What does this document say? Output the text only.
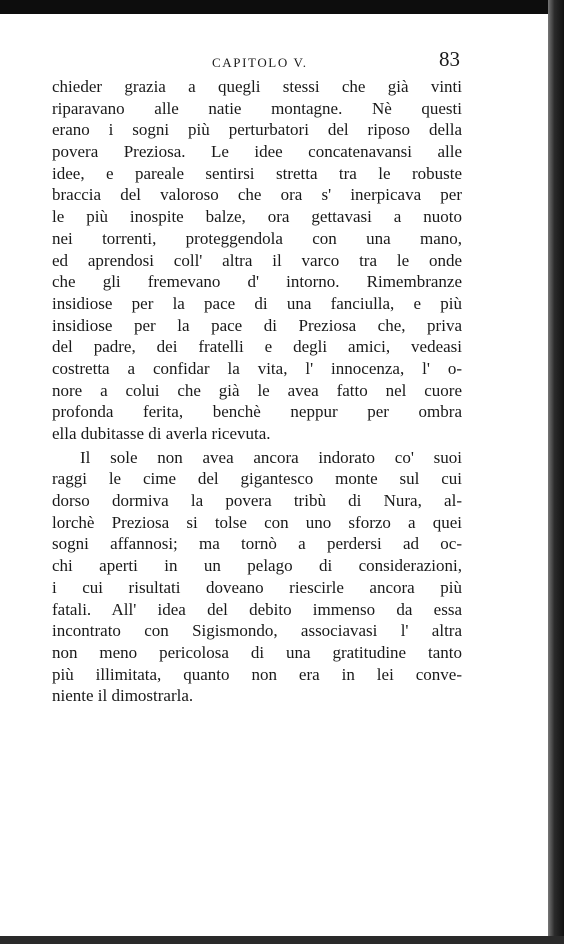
CAPITOLO V.	83
chieder grazia a quegli stessi che già vinti
riparavano alle natie montagne. Nè questi
erano i sogni più perturbatori del riposo della
povera Preziosa. Le idee concatenavansi alle
idee, e pareale sentirsi stretta tra le robuste
braccia del valoroso che ora s' inerpicava per
le più inospite balze, ora gettavasi a nuoto
nei torrenti, proteggendola con una mano,
ed aprendosi coll' altra il varco tra le onde
che gli fremevano d' intorno. Rimembranze
insidiose per la pace di una fanciulla, e più
insidiose per la pace di Preziosa che, priva
del padre, dei fratelli e degli amici, vedeasi
costretta a confidar la vita, l' innocenza, l' o-
nore a colui che già le avea fatto nel cuore
profonda ferita, benchè neppur per ombra
ella dubitasse di averla ricevuta.
Il sole non avea ancora indorato co' suoi
raggi le cime del gigantesco monte sul cui
dorso dormiva la povera tribù di Nura, al-
lorchè Preziosa si tolse con uno sforzo a quei
sogni affannosi; ma tornò a perdersi ad oc-
chi aperti in un pelago di considerazioni,
i cui risultati doveano riescirle ancora più
fatali. All' idea del debito immenso da essa
incontrato con Sigismondo, associavasi l' altra
non meno pericolosa di una gratitudine tanto
più illimitata, quanto non era in lei conve-
niente il dimostrarla.
